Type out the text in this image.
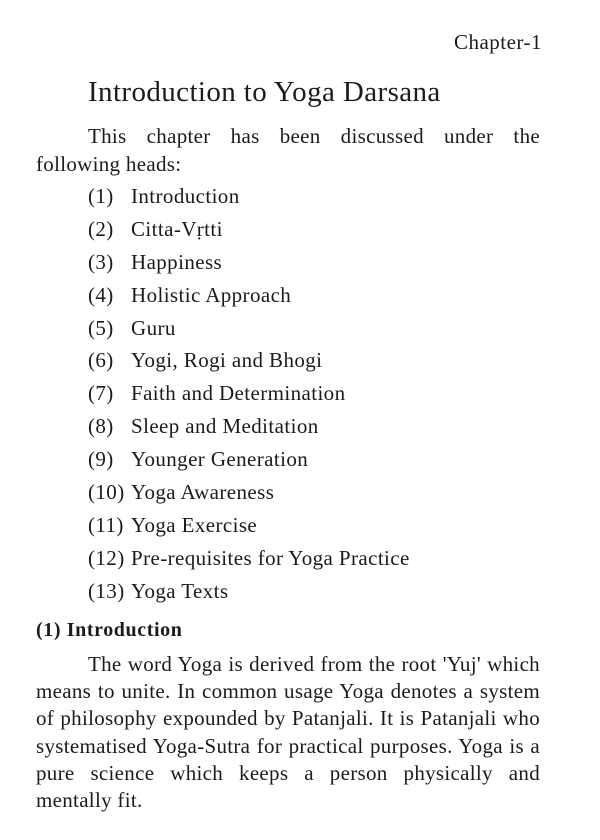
Chapter-1
Introduction to Yoga Darsana

This chapter has been discussed under the following heads:

(1) Introduction
(2) Citta-Vṛtti
(3) Happiness
(4) Holistic Approach
(5) Guru
(6) Yogi, Rogi and Bhogi
(7) Faith and Determination
(8) Sleep and Meditation
(9) Younger Generation
(10) Yoga Awareness
(11) Yoga Exercise
(12) Pre-requisites for Yoga Practice
(13) Yoga Texts
(1) Introduction

The word Yoga is derived from the root 'Yuj' which means to unite. In common usage Yoga denotes a system of philosophy expounded by Patanjali. It is Patanjali who systematised Yoga-Sutra for practical purposes. Yoga is a pure science which keeps a person physically and mentally fit.
